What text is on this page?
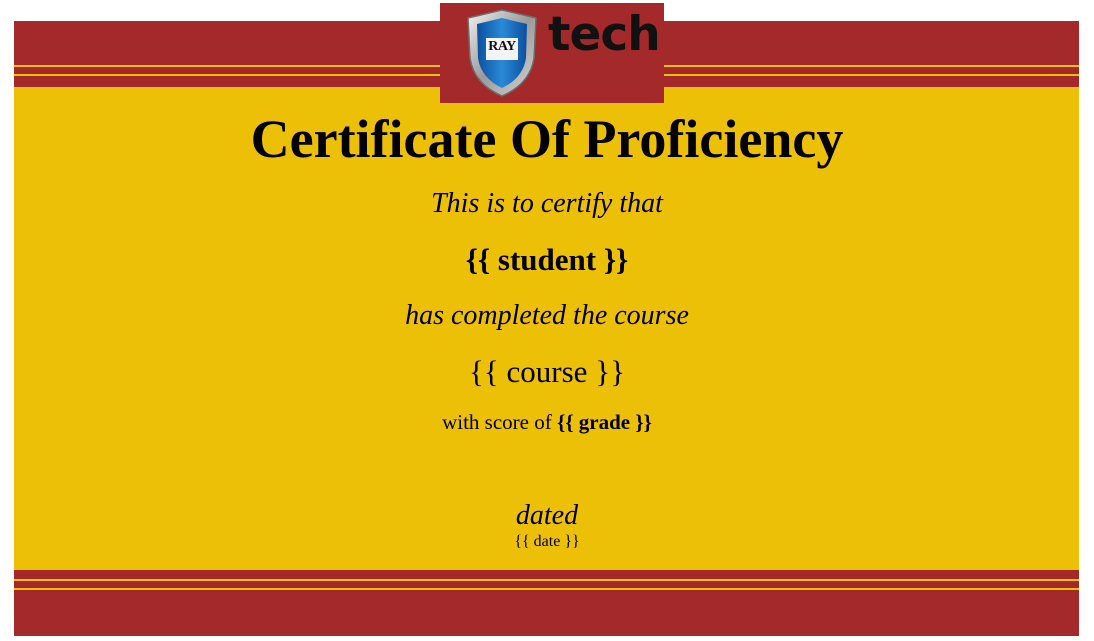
RAY tech
Certificate Of Proficiency
This is to certify that
{{ student }}
has completed the course
{{ course }}
with score of {{ grade }}
dated
{{ date }}
